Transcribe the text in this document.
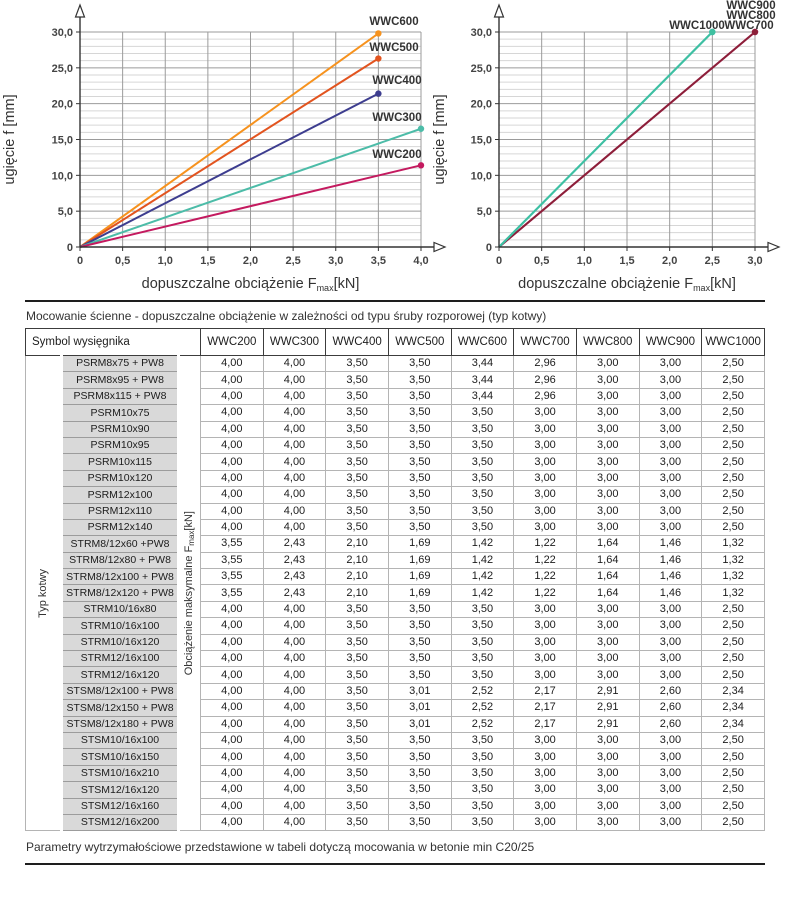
0
5,0
10,0
15,0
20,0
25,0
30,0
0	0,5 1,0 1,5 2,0 2,5 3,0 3,5 4,0
WWC600
WWC500
WWC400
WWC300
WWC200
dopuszczalne obciążenie $F_{max}[kN]$
ugięcie f [mm]
0
5,0
10,0
15,0
20,0
25,0
30,0
0	0,5 1,0 1,5 2,0 2,5 3,0
WWC700
WWC900
WWC1000
WWC800
dopuszczalne obciążenie $F_{max}[kN]$
ugięcie f [mm]

Mocowanie ścienne - dopuszczalne obciążenie w zależności od typu śruby rozporowej (typ kotwy)

Symbol wysięgnika			WWC200	WWC300	WWC400	WWC500	WWC600	WWC700	WWC800	WWC900	WWC1000

Typ kotwy	PSRM8x75 + PW8	Obciążenie maksymalne $F_{max}[kN]$	4,00	4,00	3,50	3,50	3,44	2,96	3,00	3,00	2,50
	PSRM8x95 + PW8		4,00	4,00	3,50	3,50	3,44	2,96	3,00	3,00	2,50
	PSRM8x115 + PW8		4,00	4,00	3,50	3,50	3,44	2,96	3,00	3,00	2,50
	PSRM10x75		4,00	4,00	3,50	3,50	3,50	3,00	3,00	3,00	2,50
	PSRM10x90		4,00	4,00	3,50	3,50	3,50	3,00	3,00	3,00	2,50
	PSRM10x95		4,00	4,00	3,50	3,50	3,50	3,00	3,00	3,00	2,50
	PSRM10x115		4,00	4,00	3,50	3,50	3,50	3,00	3,00	3,00	2,50
	PSRM10x120		4,00	4,00	3,50	3,50	3,50	3,00	3,00	3,00	2,50
	PSRM12x100		4,00	4,00	3,50	3,50	3,50	3,00	3,00	3,00	2,50
	PSRM12x110		4,00	4,00	3,50	3,50	3,50	3,00	3,00	3,00	2,50
	PSRM12x140		4,00	4,00	3,50	3,50	3,50	3,00	3,00	3,00	2,50
	STRM8/12x60 +PW8		3,55	2,43	2,10	1,69	1,42	1,22	1,64	1,46	1,32
	STRM8/12x80 + PW8		3,55	2,43	2,10	1,69	1,42	1,22	1,64	1,46	1,32
	STRM8/12x100 + PW8		3,55	2,43	2,10	1,69	1,42	1,22	1,64	1,46	1,32
	STRM8/12x120 + PW8		3,55	2,43	2,10	1,69	1,42	1,22	1,64	1,46	1,32
	STRM10/16x80		4,00	4,00	3,50	3,50	3,50	3,00	3,00	3,00	2,50
	STRM10/16x100		4,00	4,00	3,50	3,50	3,50	3,00	3,00	3,00	2,50
	STRM10/16x120		4,00	4,00	3,50	3,50	3,50	3,00	3,00	3,00	2,50
	STRM12/16x100		4,00	4,00	3,50	3,50	3,50	3,00	3,00	3,00	2,50
	STRM12/16x120		4,00	4,00	3,50	3,50	3,50	3,00	3,00	3,00	2,50
	STSM8/12x100 + PW8		4,00	4,00	3,50	3,01	2,52	2,17	2,91	2,60	2,34
	STSM8/12x150 + PW8		4,00	4,00	3,50	3,01	2,52	2,17	2,91	2,60	2,34
	STSM8/12x180 + PW8		4,00	4,00	3,50	3,01	2,52	2,17	2,91	2,60	2,34
	STSM10/16x100		4,00	4,00	3,50	3,50	3,50	3,00	3,00	3,00	2,50
	STSM10/16x150		4,00	4,00	3,50	3,50	3,50	3,00	3,00	3,00	2,50
	STSM10/16x210		4,00	4,00	3,50	3,50	3,50	3,00	3,00	3,00	2,50
	STSM12/16x120		4,00	4,00	3,50	3,50	3,50	3,00	3,00	3,00	2,50
	STSM12/16x160		4,00	4,00	3,50	3,50	3,50	3,00	3,00	3,00	2,50
	STSM12/16x200		4,00	4,00	3,50	3,50	3,50	3,00	3,00	3,00	2,50

Parametry wytrzymałościowe przedstawione w tabeli dotyczą mocowania w betonie min C20/25
